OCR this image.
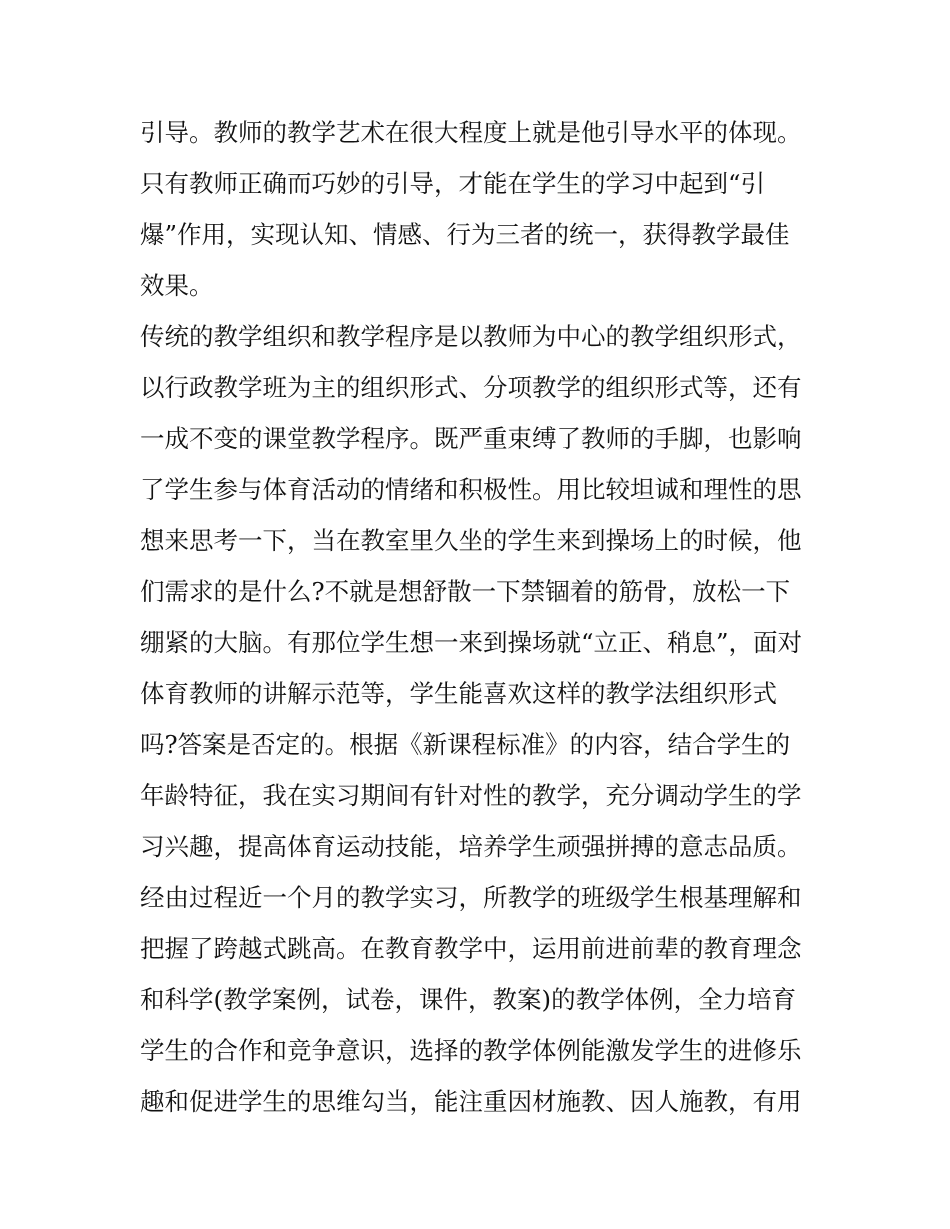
引导。教师的教学艺术在很大程度上就是他引导水平的体现。
只有教师正确而巧妙的引导，才能在学生的学习中起到“引
爆”作用，实现认知、情感、行为三者的统一，获得教学最佳
效果。
传统的教学组织和教学程序是以教师为中心的教学组织形式，
以行政教学班为主的组织形式、分项教学的组织形式等，还有
一成不变的课堂教学程序。既严重束缚了教师的手脚，也影响
了学生参与体育活动的情绪和积极性。用比较坦诚和理性的思
想来思考一下，当在教室里久坐的学生来到操场上的时候，他
们需求的是什么?不就是想舒散一下禁锢着的筋骨，放松一下
绷紧的大脑。有那位学生想一来到操场就“立正、稍息”，面对
体育教师的讲解示范等，学生能喜欢这样的教学法组织形式
吗?答案是否定的。根据《新课程标准》的内容，结合学生的
年龄特征，我在实习期间有针对性的教学，充分调动学生的学
习兴趣，提高体育运动技能，培养学生顽强拼搏的意志品质。
经由过程近一个月的教学实习，所教学的班级学生根基理解和
把握了跨越式跳高。在教育教学中，运用前进前辈的教育理念
和科学(教学案例，试卷，课件，教案)的教学体例，全力培育
学生的合作和竞争意识，选择的教学体例能激发学生的进修乐
趣和促进学生的思维勾当，能注重因材施教、因人施教，有用
